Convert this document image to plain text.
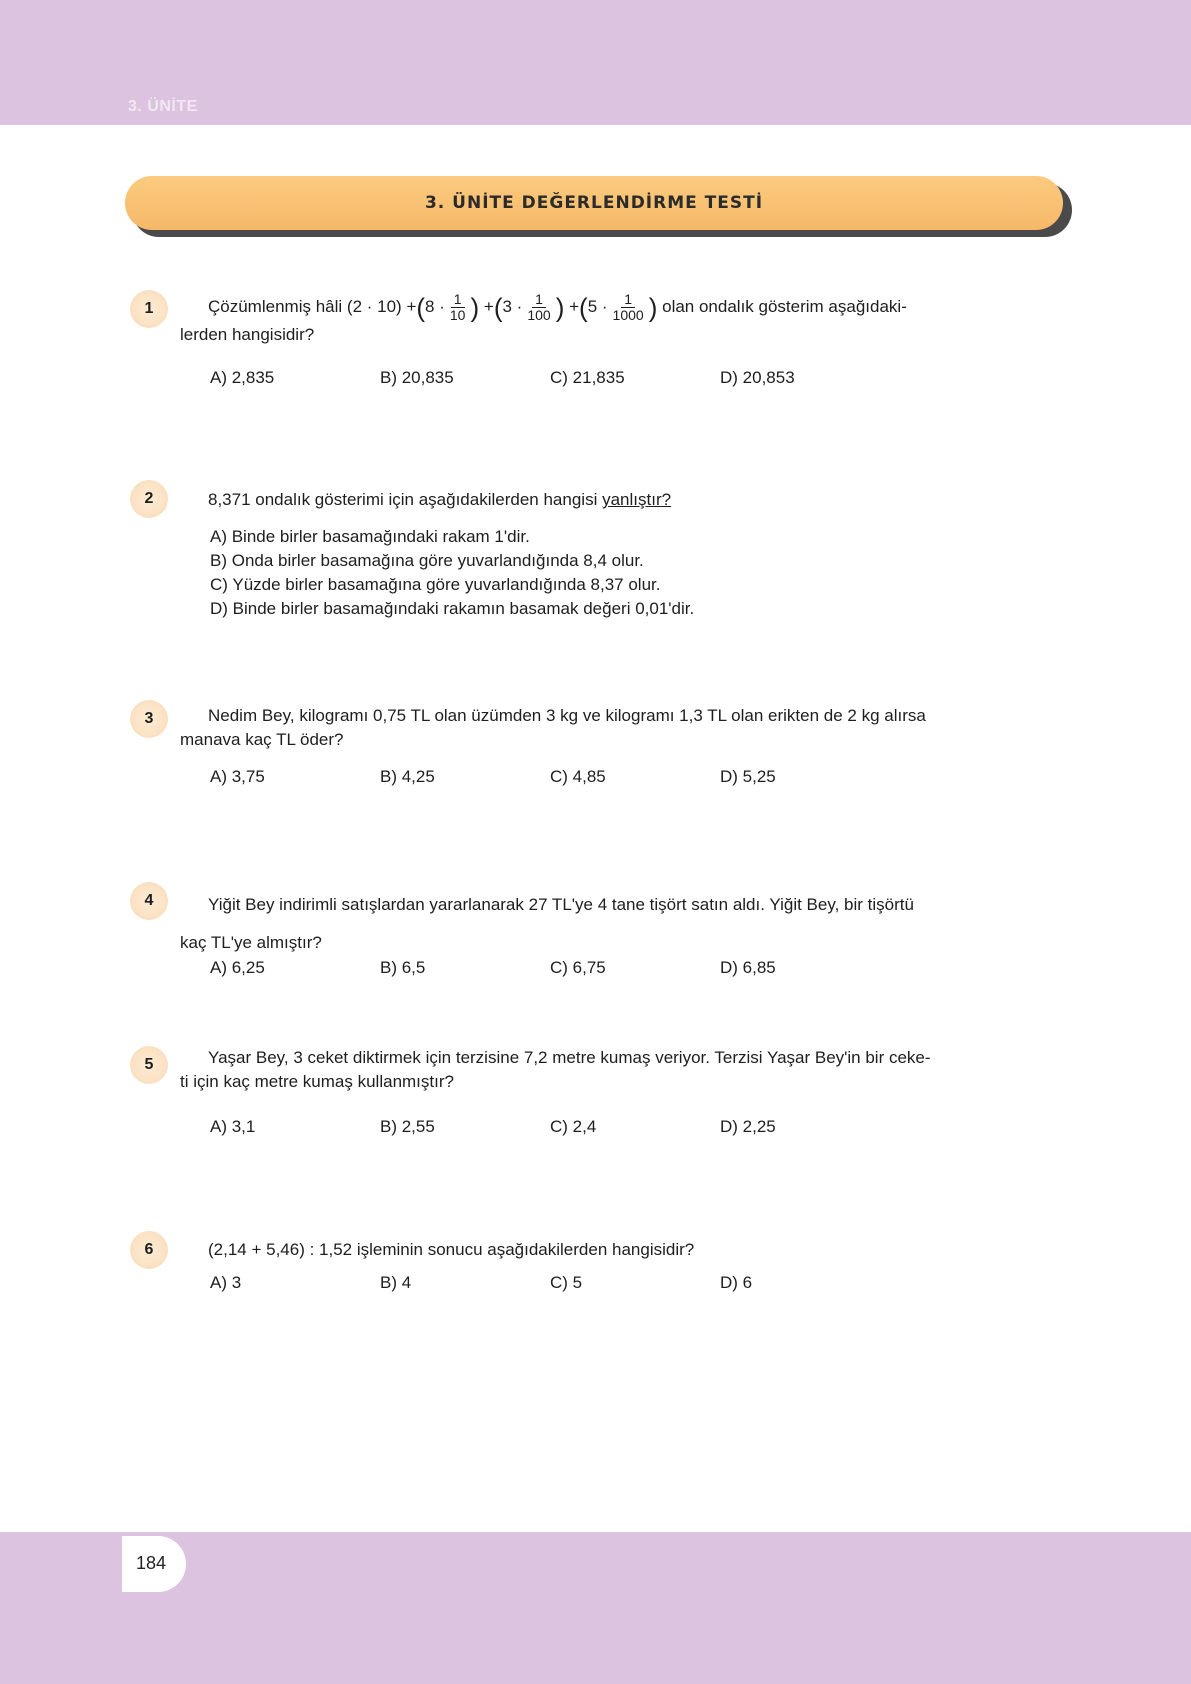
3. ÜNİTE
3. ÜNİTE DEĞERLENDİRME TESTİ
1	Çözümlenmiş hâli $(2 \cdot 10) +(8 \cdot \frac{1}{10}$ ) $+(3 \cdot \frac{1}{100}$ ) $+(5 \cdot \frac{1}{1000}$ ) olan ondalık gösterim aşağıdaki-
lerden hangisidir?
A) 2,835	B) 20,835	C) 21,835	D) 20,853
2	8,371 ondalık gösterimi için aşağıdakilerden hangisi yanlıştır?
A) Binde birler basamağındaki rakam 1'dir.
B) Onda birler basamağına göre yuvarlandığında 8,4 olur.
C) Yüzde birler basamağına göre yuvarlandığında 8,37 olur.
D) Binde birler basamağındaki rakamın basamak değeri 0,01'dir.
3	Nedim Bey, kilogramı 0,75 TL olan üzümden 3 kg ve kilogramı 1,3 TL olan erikten de 2 kg alırsa
manava kaç TL öder?
A) 3,75	B) 4,25	C) 4,85	D) 5,25
4	Yiğit Bey indirimli satışlardan yararlanarak 27 TL'ye 4 tane tişört satın aldı. Yiğit Bey, bir tişörtü
kaç TL'ye almıştır?
A) 6,25	B) 6,5	C) 6,75	D) 6,85
5	Yaşar Bey, 3 ceket diktirmek için terzisine 7,2 metre kumaş veriyor. Terzisi Yaşar Bey'in bir ceke-
ti için kaç metre kumaş kullanmıştır?
A) 3,1	B) 2,55	C) 2,4	D) 2,25
6	(2,14 + 5,46) : 1,52 işleminin sonucu aşağıdakilerden hangisidir?
A) 3	B) 4	C) 5	D) 6
184
